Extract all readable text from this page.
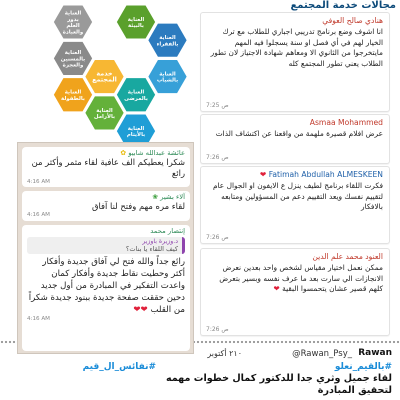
مجالات خدمة المجتمع
العناية
بالبيئة
العناية
بالفقراء
العناية
بالشباب
العناية
بالمرضى
العناية
بالأيتام
العناية
بالأرامل
العناية
بالطفولة
العناية
بالمسنين
والعجزة
العناية
بدور
العلم
والعبادة
خدمة
المجتمع
هنادي صالح العوفي
انا اشوف وضع برنامج تدريبي اجباري للطلاب مع ترك الخيار لهم في أي فصل او سنة يسجلوا فيه المهم مايتخرجوا من الثانوي الا ومعاهم شهادة الاجتياز لان تطور الطلاب يعني تطور المجتمع كله
7:25 ص
Asmaa Mohammed
عرض افلام قصيرة ملهمة من واقعنا عن اكتشاف الذات
7:26 ص
❤ Fatimah Abdullah ALMESKEEN
فكرت اللقاء برنامج لطيف ينزل ع الايفون او الجوال عام لتقييم نفسك ويعد التقييم دعم من المسؤولين ومتابعه بالافكار
7:26 ص
العنود محمد علم الدين
ممكن نعمل اختيار مقياس لشخص واحد بعدين نعرض الانجازات الي سارت بعد ما عرف نفسه وبسير بتعرض كلهم قصير عشان يتحمسوا البقية ❤
7:26 ص
عائشة عبدالله شابيو ✿
شكرا يعطيكم الف عافية لقاء مثمر وأكثر من رائع
4:16 AM
آلاء بشير ❀
لقاء مره مهم وفتح لنا آفاق
4:16 AM
إنتصار محمد
د.وزيرة باوزير
كيف اللقاء يا بنات؟
رائع جداً والله فتح لي آفاق جديدة وأفكار أكثر وحطيت نقاط جديدة وأفكار كمان واعدت التفكير في المبادرة من أول جديد دحين حققت صفحة جديدة ببنود جديدة شكراً من القلب ❤❤
4:16 AM
Rawan
@Rawan_Psy_
٢١٠ أكتوبر
#بالقيم_نعلو
#نفائس_ال_قيم
لقاء جميل وثري جدا للدكتور كمال خطوات مهمه لتحقيق المبادرة
